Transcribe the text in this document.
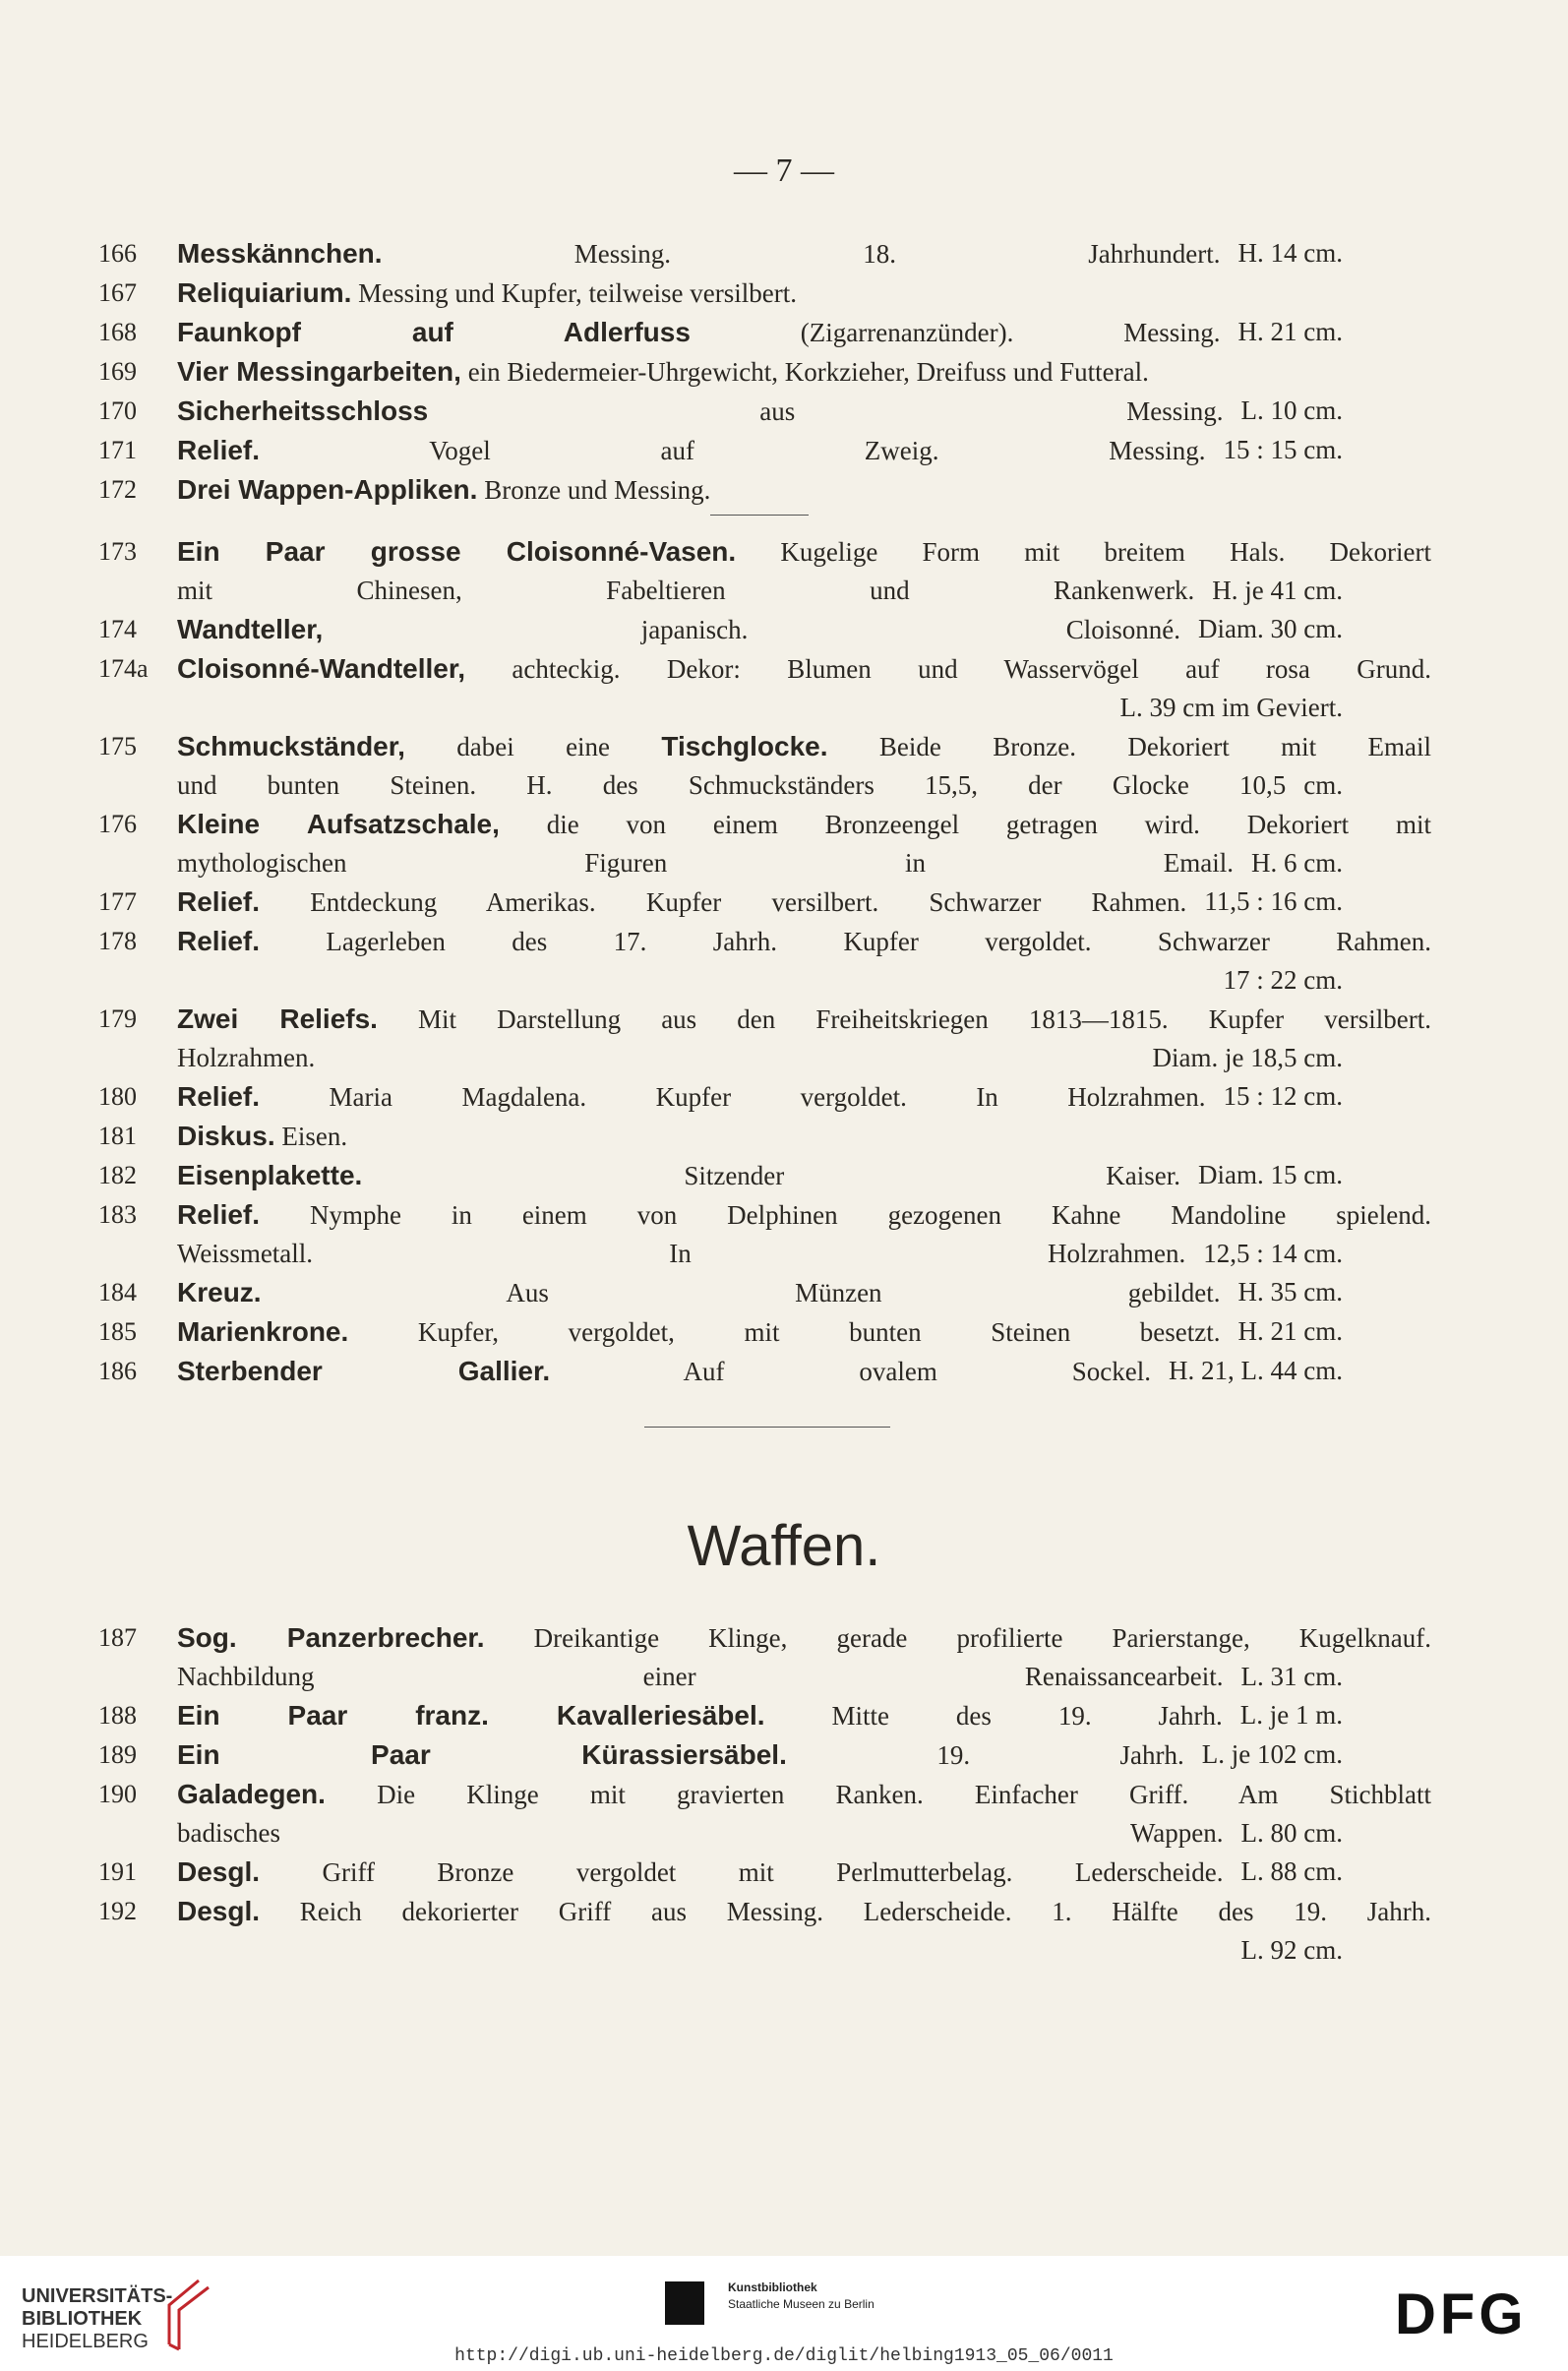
— 7 —
166	Messkännchen. Messing. 18. Jahrhundert. H. 14 cm.
167	Reliquiarium. Messing und Kupfer, teilweise versilbert.
168	Faunkopf auf Adlerfuss (Zigarrenanzünder). Messing. H. 21 cm.
169	Vier Messingarbeiten, ein Biedermeier-Uhrgewicht, Korkzieher, Dreifuss und Futteral.
170	Sicherheitsschloss aus Messing. L. 10 cm.
171	Relief. Vogel auf Zweig. Messing. 15 : 15 cm.
172	Drei Wappen-Appliken. Bronze und Messing.
173	Ein Paar grosse Cloisonné-Vasen. Kugelige Form mit breitem Hals. Dekoriert
mit Chinesen, Fabeltieren und Rankenwerk. H. je 41 cm.
174	Wandteller, japanisch. Cloisonné. Diam. 30 cm.
174a	Cloisonné-Wandteller, achteckig. Dekor: Blumen und Wasservögel auf rosa Grund.
L. 39 cm im Geviert.
175	Schmuckständer, dabei eine Tischglocke. Beide Bronze. Dekoriert mit Email
und bunten Steinen. H. des Schmuckständers 15,5, der Glocke 10,5 cm.
176	Kleine Aufsatzschale, die von einem Bronzeengel getragen wird. Dekoriert mit
mythologischen Figuren in Email. H. 6 cm.
177	Relief. Entdeckung Amerikas. Kupfer versilbert. Schwarzer Rahmen. 11,5 : 16 cm.
178	Relief. Lagerleben des 17. Jahrh. Kupfer vergoldet. Schwarzer Rahmen.
17 : 22 cm.
179	Zwei Reliefs. Mit Darstellung aus den Freiheitskriegen 1813—1815. Kupfer versilbert.
Holzrahmen.	Diam. je 18,5 cm.
180	Relief. Maria Magdalena. Kupfer vergoldet. In Holzrahmen. 15 : 12 cm.
181	Diskus. Eisen.
182	Eisenplakette. Sitzender Kaiser. Diam. 15 cm.
183	Relief. Nymphe in einem von Delphinen gezogenen Kahne Mandoline spielend.
Weissmetall. In Holzrahmen. 12,5 : 14 cm.
184	Kreuz. Aus Münzen gebildet. H. 35 cm.
185	Marienkrone. Kupfer, vergoldet, mit bunten Steinen besetzt. H. 21 cm.
186	Sterbender Gallier. Auf ovalem Sockel. H. 21, L. 44 cm.
Waffen.
187	Sog. Panzerbrecher. Dreikantige Klinge, gerade profilierte Parierstange, Kugelknauf.
Nachbildung einer Renaissancearbeit. L. 31 cm.
188	Ein Paar franz. Kavalleriesäbel. Mitte des 19. Jahrh. L. je 1 m.
189	Ein Paar Kürassiersäbel. 19. Jahrh. L. je 102 cm.
190	Galadegen. Die Klinge mit gravierten Ranken. Einfacher Griff. Am Stichblatt
badisches Wappen. L. 80 cm.
191	Desgl. Griff Bronze vergoldet mit Perlmutterbelag. Lederscheide. L. 88 cm.
192	Desgl. Reich dekorierter Griff aus Messing. Lederscheide. 1. Hälfte des 19. Jahrh.
L. 92 cm.
UNIVERSITÄTS-
BIBLIOTHEK
HEIDELBERG
Kunstbibliothek
Staatliche Museen zu Berlin	DFG
http://digi.ub.uni-heidelberg.de/diglit/helbing1913_05_06/0011
